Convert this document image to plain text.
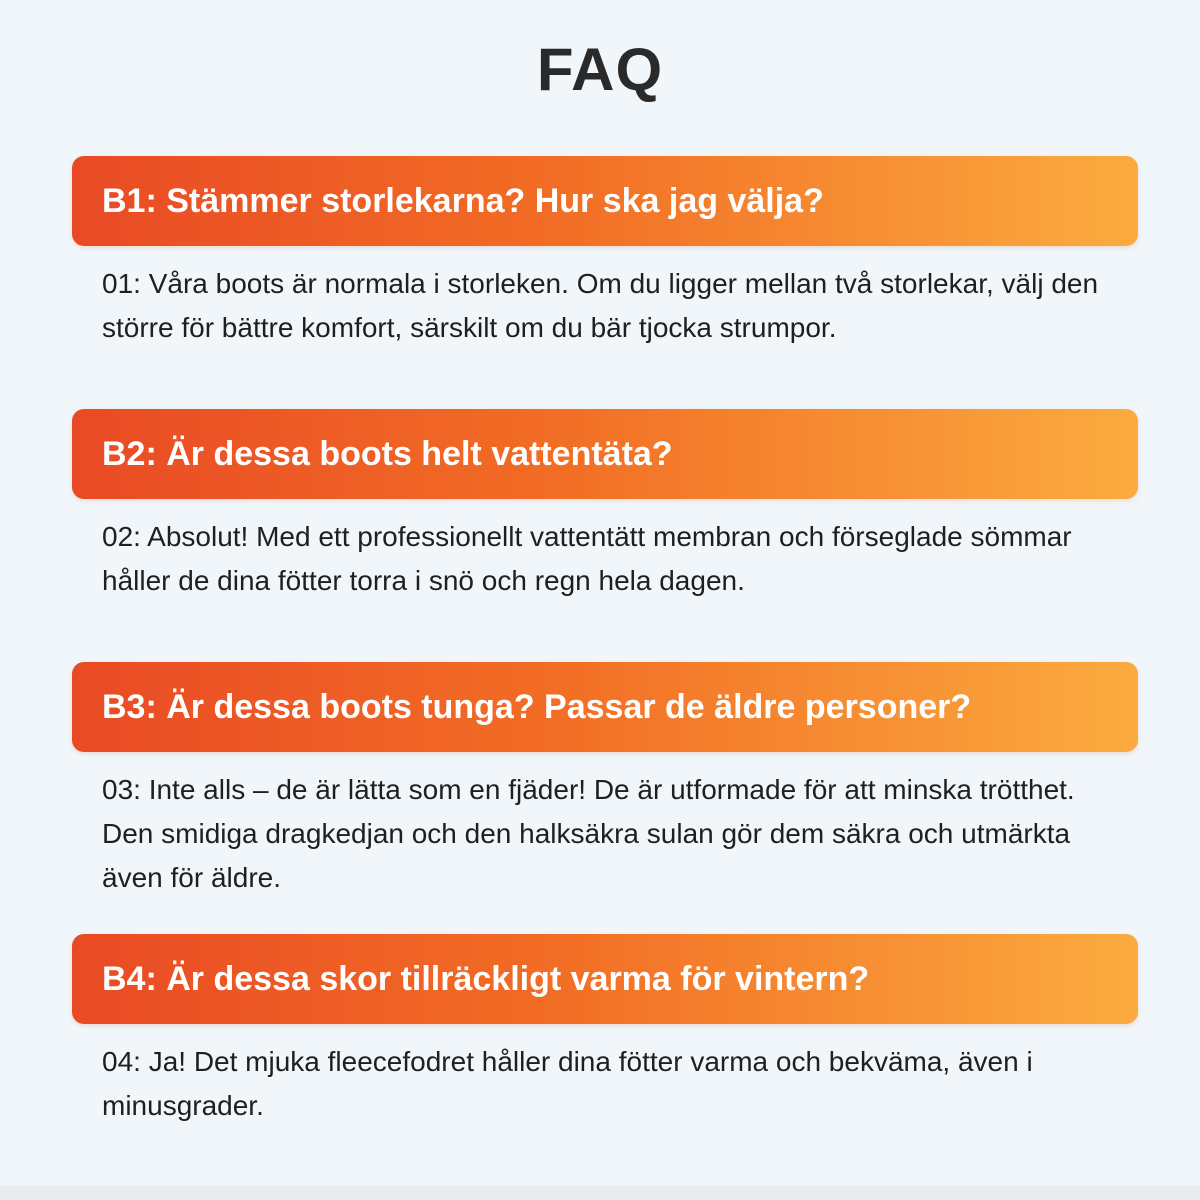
FAQ
B1: Stämmer storlekarna? Hur ska jag välja?

01: Våra boots är normala i storleken. Om du ligger mellan två storlekar, välj den större för bättre komfort, särskilt om du bär tjocka strumpor.

B2: Är dessa boots helt vattentäta?

02: Absolut! Med ett professionellt vattentätt membran och förseglade sömmar håller de dina fötter torra i snö och regn hela dagen.

B3: Är dessa boots tunga? Passar de äldre personer?

03: Inte alls – de är lätta som en fjäder! De är utformade för att minska trötthet. Den smidiga dragkedjan och den halksäkra sulan gör dem säkra och utmärkta även för äldre.

B4: Är dessa skor tillräckligt varma för vintern?

04: Ja! Det mjuka fleecefodret håller dina fötter varma och bekväma, även i minusgrader.
